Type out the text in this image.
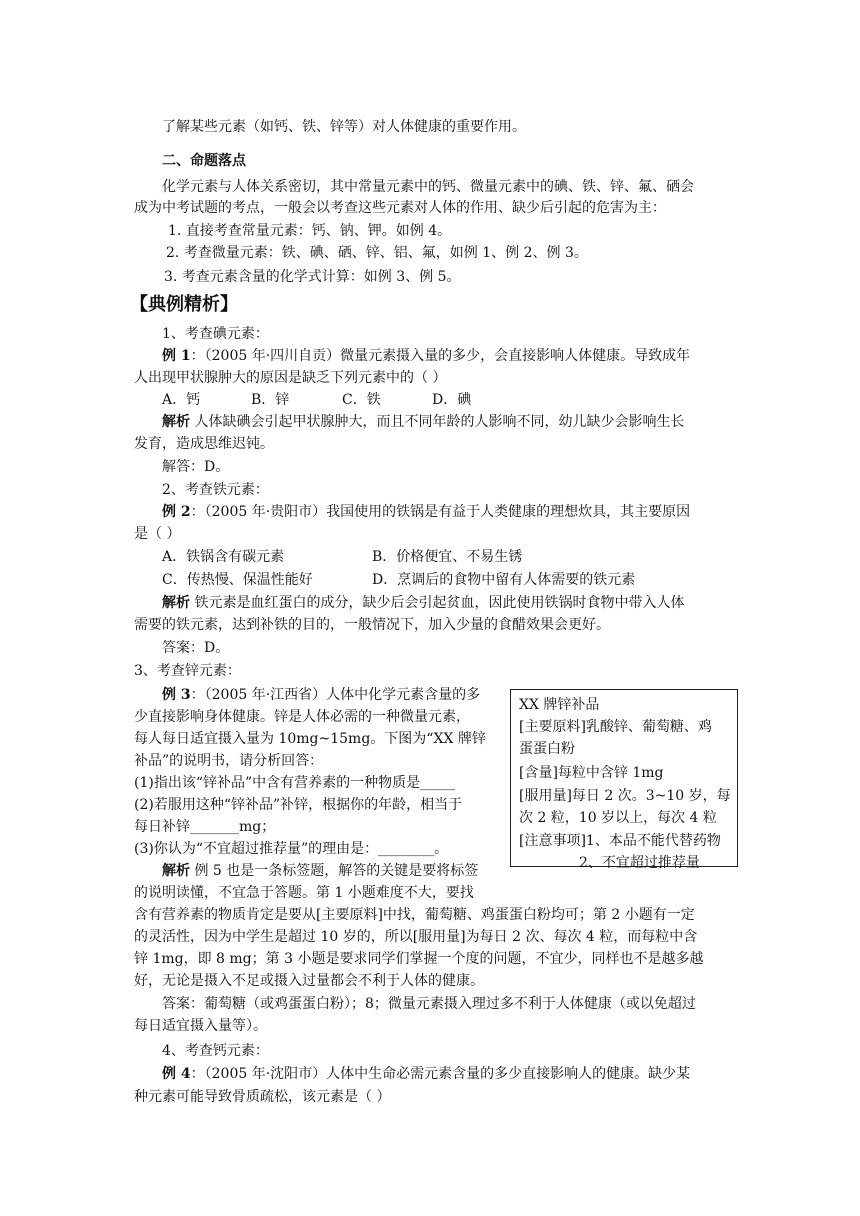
了解某些元素（如钙、铁、锌等）对人体健康的重要作用。
二、命题落点
化学元素与人体关系密切，其中常量元素中的钙、微量元素中的碘、铁、锌、氟、硒会
成为中考试题的考点，一般会以考查这些元素对人体的作用、缺少后引起的危害为主：
1. 直接考查常量元素：钙、钠、钾。如例 4。
2. 考查微量元素：铁、碘、硒、锌、铝、氟，如例 1、例 2、例 3。
3. 考查元素含量的化学式计算：如例 3、例 5。
【典例精析】
1、考查碘元素：
例 1：（2005 年·四川自贡）微量元素摄入量的多少，会直接影响人体健康。导致成年
人出现甲状腺肿大的原因是缺乏下列元素中的（ ）
A．钙	B．锌	C．铁	D．碘
解析 人体缺碘会引起甲状腺肿大，而且不同年龄的人影响不同，幼儿缺少会影响生长
发育，造成思维迟钝。
解答：D。
2、考查铁元素：
例 2：（2005 年·贵阳市）我国使用的铁锅是有益于人类健康的理想炊具，其主要原因
是（ ）
A．铁锅含有碳元素	B．价格便宜、不易生锈
C．传热慢、保温性能好	D．烹调后的食物中留有人体需要的铁元素
解析 铁元素是血红蛋白的成分，缺少后会引起贫血，因此使用铁锅时食物中带入人体
需要的铁元素，达到补铁的目的，一般情况下，加入少量的食醋效果会更好。
答案：D。
3、考查锌元素：
例 3：（2005 年·江西省）人体中化学元素含量的多
少直接影响身体健康。锌是人体必需的一种微量元素，
每人每日适宜摄入量为 10mg~15mg。下图为“XX 牌锌
补品”的说明书，请分析回答：
(1)指出该“锌补品”中含有营养素的一种物质是_____
(2)若服用这种“锌补品”补锌，根据你的年龄，相当于
每日补锌_______mg；
(3)你认为“不宜超过推荐量”的理由是：________。
解析 例 5 也是一条标签题，解答的关键是要将标签
的说明读懂，不宜急于答题。第 1 小题难度不大，要找
含有营养素的物质肯定是要从[主要原料]中找，葡萄糖、鸡蛋蛋白粉均可；第 2 小题有一定
的灵活性，因为中学生是超过 10 岁的，所以[服用量]为每日 2 次、每次 4 粒，而每粒中含
锌 1mg，即 8 mg；第 3 小题是要求同学们掌握一个度的问题，不宜少，同样也不是越多越
好，无论是摄入不足或摄入过量都会不利于人体的健康。
答案：葡萄糖（或鸡蛋蛋白粉）；8；微量元素摄入理过多不利于人体健康（或以免超过
每日适宜摄入量等）。
XX 牌锌补品
[主要原料]乳酸锌、葡萄糖、鸡
蛋蛋白粉
[含量]每粒中含锌 1mg
[服用量]每日 2 次。3~10 岁，每
次 2 粒，10 岁以上，每次 4 粒
[注意事项]1、本品不能代替药物
2、不宜超过推荐量
4、考查钙元素：
例 4：（2005 年·沈阳市）人体中生命必需元素含量的多少直接影响人的健康。缺少某
种元素可能导致骨质疏松，该元素是（ ）
